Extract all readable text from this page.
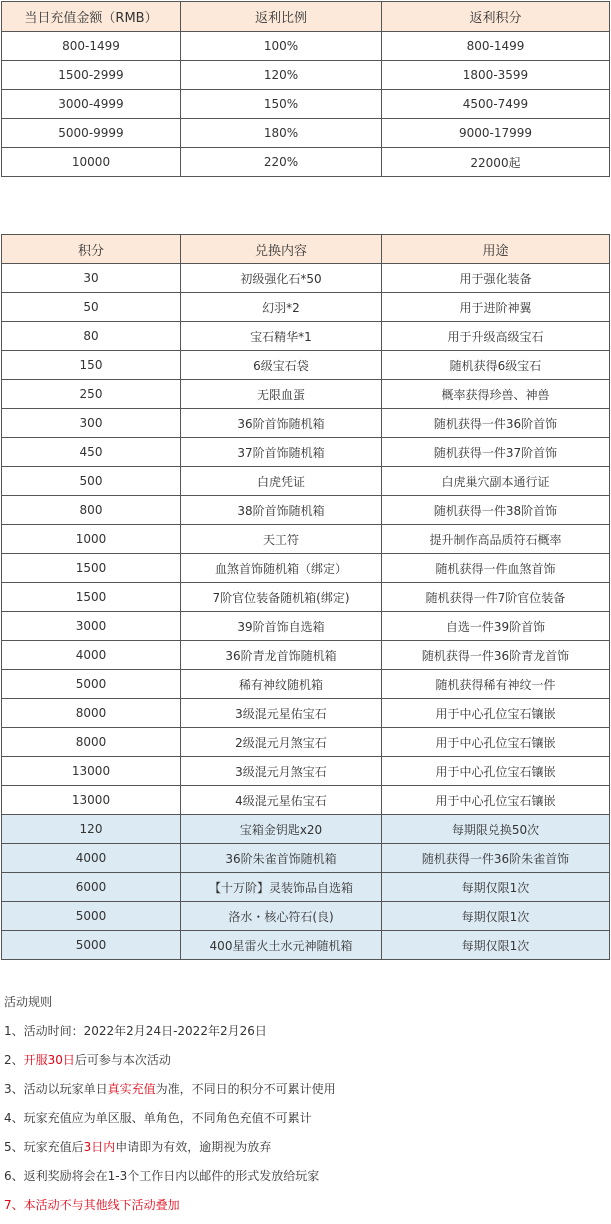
当日充值金额（RMB）	返利比例	返利积分
800-1499	100%	800-1499
1500-2999	120%	1800-3599
3000-4999	150%	4500-7499
5000-9999	180%	9000-17999
10000	220%	22000起
积分	兑换内容	用途
30	初级强化石*50	用于强化装备
50	幻羽*2	用于进阶神翼
80	宝石精华*1	用于升级高级宝石
150	6级宝石袋	随机获得6级宝石
250	无限血蛋	概率获得珍兽、神兽
300	36阶首饰随机箱	随机获得一件36阶首饰
450	37阶首饰随机箱	随机获得一件37阶首饰
500	白虎凭证	白虎巢穴副本通行证
800	38阶首饰随机箱	随机获得一件38阶首饰
1000	天工符	提升制作高品质符石概率
1500	血煞首饰随机箱（绑定）	随机获得一件血煞首饰
1500	7阶官位装备随机箱(绑定)	随机获得一件7阶官位装备
3000	39阶首饰自选箱	自选一件39阶首饰
4000	36阶青龙首饰随机箱	随机获得一件36阶青龙首饰
5000	稀有神纹随机箱	随机获得稀有神纹一件
8000	3级混元星佑宝石	用于中心孔位宝石镶嵌
8000	2级混元月煞宝石	用于中心孔位宝石镶嵌
13000	3级混元月煞宝石	用于中心孔位宝石镶嵌
13000	4级混元星佑宝石	用于中心孔位宝石镶嵌
120	宝箱金钥匙x20	每期限兑换50次
4000	36阶朱雀首饰随机箱	随机获得一件36阶朱雀首饰
6000	【十万阶】灵装饰品自选箱	每期仅限1次
5000	洛水・核心符石(良)	每期仅限1次
5000	400星雷火土水元神随机箱	每期仅限1次

活动规则

1、活动时间：2022年2月24日-2022年2月26日

2、开服30日后可参与本次活动

3、活动以玩家单日真实充值为准，不同日的积分不可累计使用

4、玩家充值应为单区服、单角色，不同角色充值不可累计

5、玩家充值后3日内申请即为有效，逾期视为放弃

6、返利奖励将会在1-3个工作日内以邮件的形式发放给玩家

7、本活动不与其他线下活动叠加
